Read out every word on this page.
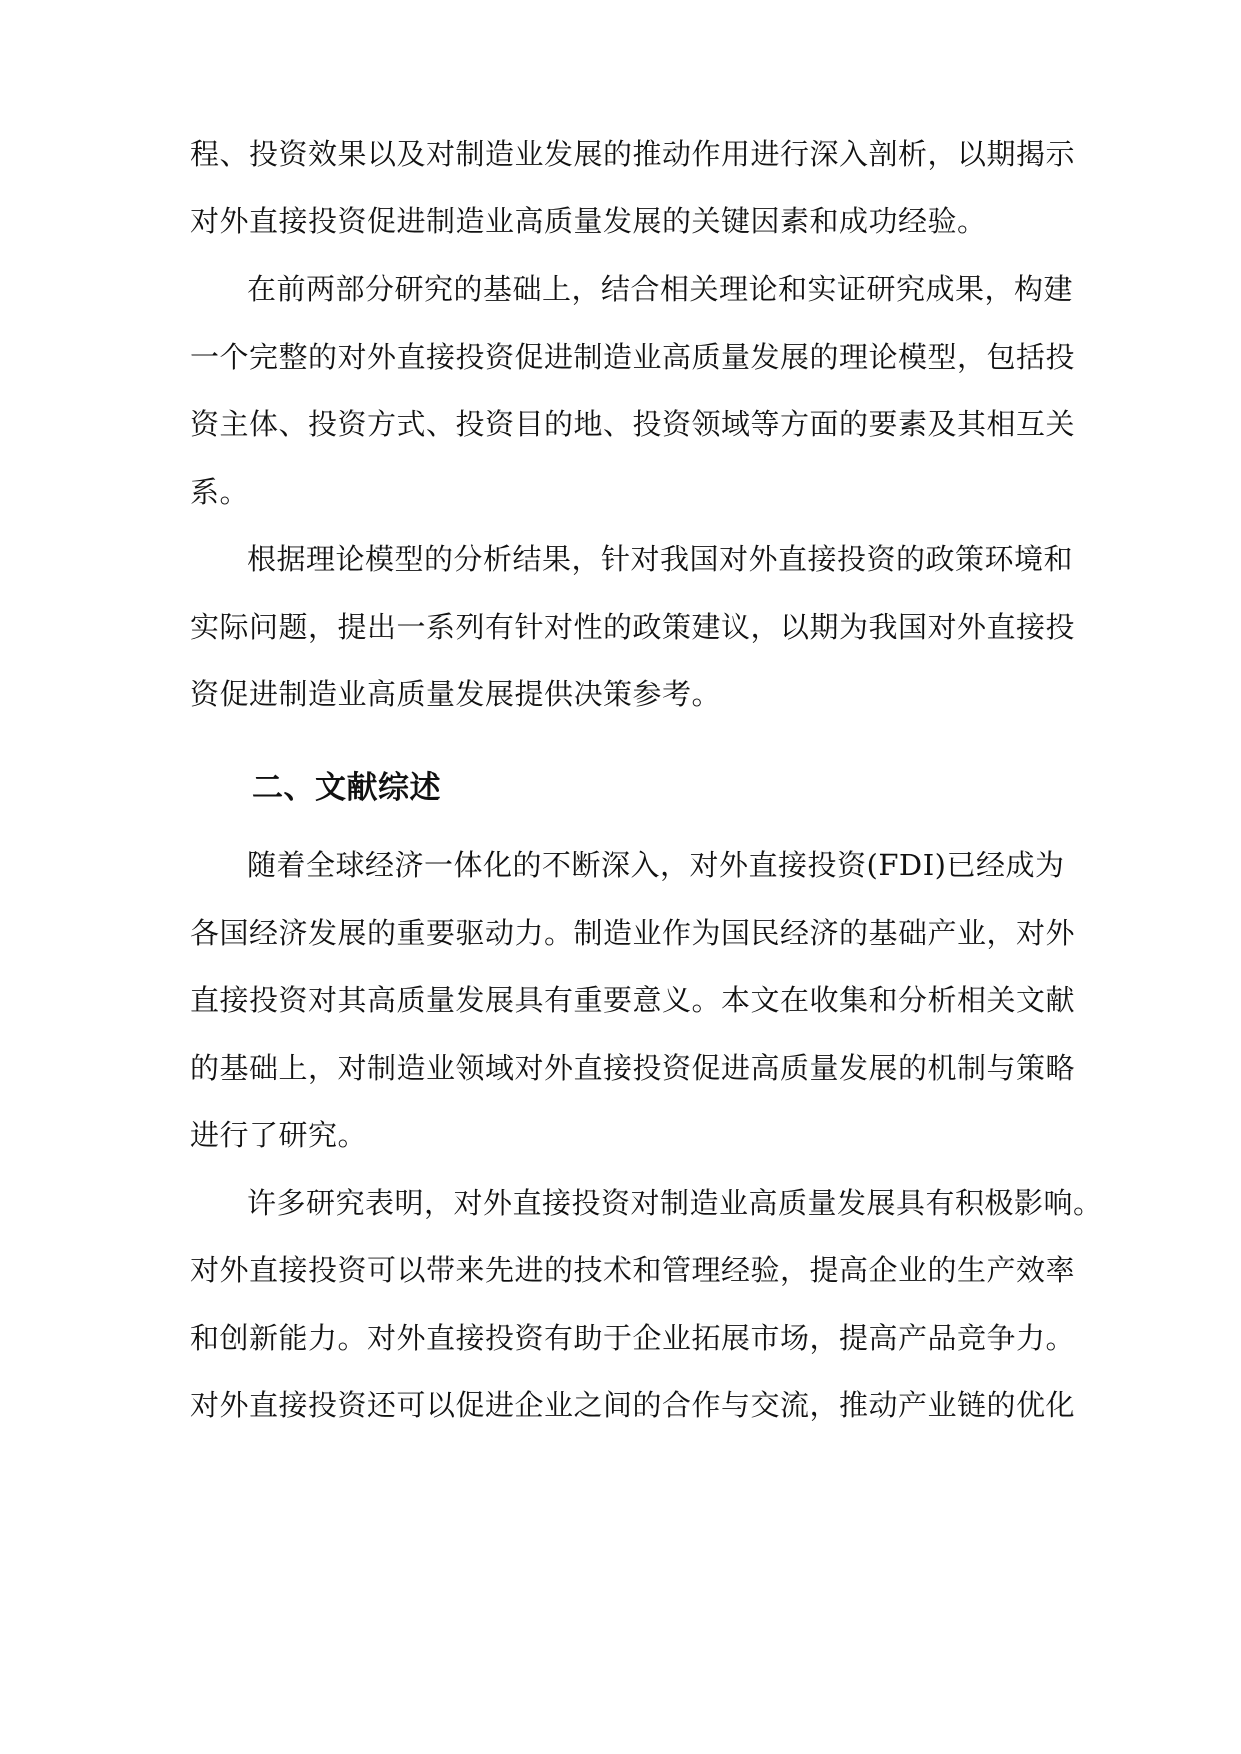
程、投资效果以及对制造业发展的推动作用进行深入剖析，以期揭示
对外直接投资促进制造业高质量发展的关键因素和成功经验。
在前两部分研究的基础上，结合相关理论和实证研究成果，构建
一个完整的对外直接投资促进制造业高质量发展的理论模型，包括投
资主体、投资方式、投资目的地、投资领域等方面的要素及其相互关
系。
根据理论模型的分析结果，针对我国对外直接投资的政策环境和
实际问题，提出一系列有针对性的政策建议，以期为我国对外直接投
资促进制造业高质量发展提供决策参考。
二、文献综述
随着全球经济一体化的不断深入，对外直接投资(FDI)已经成为
各国经济发展的重要驱动力。制造业作为国民经济的基础产业，对外
直接投资对其高质量发展具有重要意义。本文在收集和分析相关文献
的基础上，对制造业领域对外直接投资促进高质量发展的机制与策略
进行了研究。
许多研究表明，对外直接投资对制造业高质量发展具有积极影响。
对外直接投资可以带来先进的技术和管理经验，提高企业的生产效率
和创新能力。对外直接投资有助于企业拓展市场，提高产品竞争力。
对外直接投资还可以促进企业之间的合作与交流，推动产业链的优化
